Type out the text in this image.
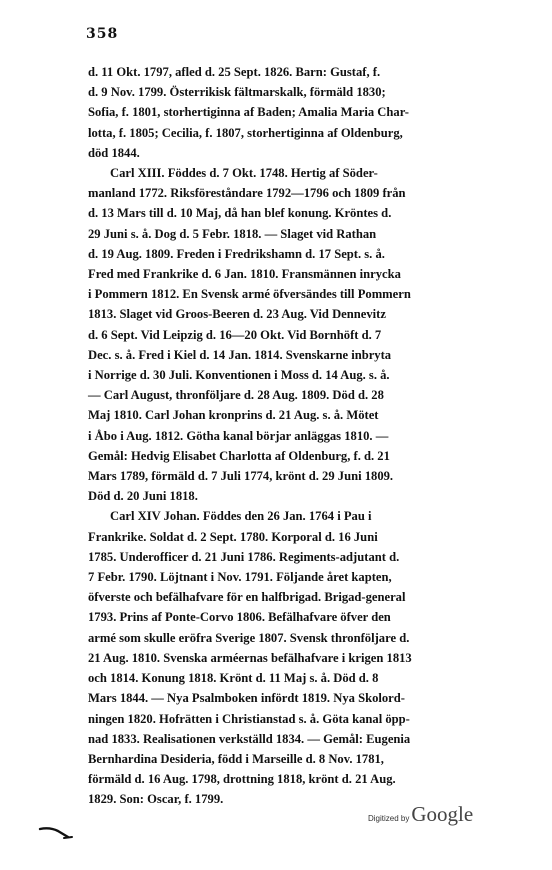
358

d. 11 Okt. 1797, afled d. 25 Sept. 1826. Barn: Gustaf, f.

d. 9 Nov. 1799. Österrikisk fältmarskalk, förmäld 1830;

Sofia, f. 1801, storhertiginna af Baden; Amalia Maria Char-

lotta, f. 1805; Cecilia, f. 1807, storhertiginna af Oldenburg,

död 1844.

Carl XIII. Föddes d. 7 Okt. 1748. Hertig af Söder-

manland 1772. Riksföreståndare 1792—1796 och 1809 från

d. 13 Mars till d. 10 Maj, då han blef konung. Kröntes d.

29 Juni s. å. Dog d. 5 Febr. 1818. — Slaget vid Rathan

d. 19 Aug. 1809. Freden i Fredrikshamn d. 17 Sept. s. å.

Fred med Frankrike d. 6 Jan. 1810. Fransmännen inrycka

i Pommern 1812. En Svensk armé öfversändes till Pommern

1813. Slaget vid Groos-Beeren d. 23 Aug. Vid Dennevitz

d. 6 Sept. Vid Leipzig d. 16—20 Okt. Vid Bornhöft d. 7

Dec. s. å. Fred i Kiel d. 14 Jan. 1814. Svenskarne inbryta

i Norrige d. 30 Juli. Konventionen i Moss d. 14 Aug. s. å.

— Carl August, thronföljare d. 28 Aug. 1809. Död d. 28

Maj 1810. Carl Johan kronprins d. 21 Aug. s. å. Mötet

i Åbo i Aug. 1812. Götha kanal börjar anläggas 1810. —

Gemål: Hedvig Elisabet Charlotta af Oldenburg, f. d. 21

Mars 1789, förmäld d. 7 Juli 1774, krönt d. 29 Juni 1809.

Död d. 20 Juni 1818.

Carl XIV Johan. Föddes den 26 Jan. 1764 i Pau i

Frankrike. Soldat d. 2 Sept. 1780. Korporal d. 16 Juni

1785. Underofficer d. 21 Juni 1786. Regiments-adjutant d.

7 Febr. 1790. Löjtnant i Nov. 1791. Följande året kapten,

öfverste och befälhafvare för en halfbrigad. Brigad-general

1793. Prins af Ponte-Corvo 1806. Befälhafvare öfver den

armé som skulle eröfra Sverige 1807. Svensk thronföljare d.

21 Aug. 1810. Svenska arméernas befälhafvare i krigen 1813

och 1814. Konung 1818. Krönt d. 11 Maj s. å. Död d. 8

Mars 1844. — Nya Psalmboken infördt 1819. Nya Skolord-

ningen 1820. Hofrätten i Christianstad s. å. Göta kanal öpp-

nad 1833. Realisationen verkställd 1834. — Gemål: Eugenia

Bernhardina Desideria, född i Marseille d. 8 Nov. 1781,

förmäld d. 16 Aug. 1798, drottning 1818, krönt d. 21 Aug.

1829. Son: Oscar, f. 1799.

Digitized by Google
